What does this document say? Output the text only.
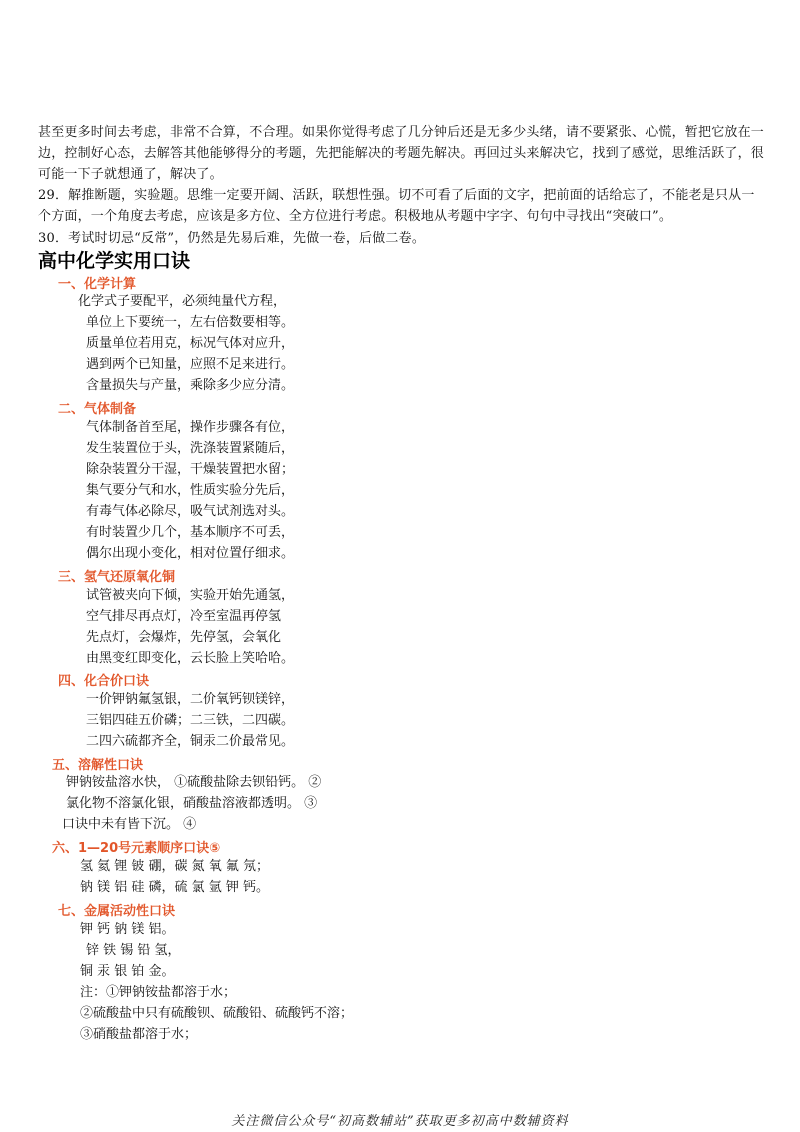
甚至更多时间去考虑，非常不合算，不合理。如果你觉得考虑了几分钟后还是无多少头绪，请不要紧张、心慌，暂把它放在一边，控制好心态，去解答其他能够得分的考题，先把能解决的考题先解决。再回过头来解决它，找到了感觉，思维活跃了，很可能一下子就想通了，解决了。
29．解推断题，实验题。思维一定要开阔、活跃，联想性强。切不可看了后面的文字，把前面的话给忘了，不能老是只从一个方面，一个角度去考虑，应该是多方位、全方位进行考虑。积极地从考题中字字、句句中寻找出“突破口”。
30．考试时切忌“反常”，仍然是先易后难，先做一卷，后做二卷。
高中化学实用口诀
一、化学计算
化学式子要配平，必须纯量代方程，
单位上下要统一，左右倍数要相等。
质量单位若用克，标况气体对应升，
遇到两个已知量，应照不足来进行。
含量损失与产量，乘除多少应分清。
二、气体制备
气体制备首至尾，操作步骤各有位，
发生装置位于头，洗涤装置紧随后，
除杂装置分干湿，干燥装置把水留；
集气要分气和水，性质实验分先后，
有毒气体必除尽，吸气试剂选对头。
有时装置少几个，基本顺序不可丢，
偶尔出现小变化，相对位置仔细求。
三、氢气还原氧化铜
试管被夹向下倾，实验开始先通氢，
空气排尽再点灯，冷至室温再停氢
先点灯，会爆炸，先停氢，会氧化
由黑变红即变化，云长脸上笑哈哈。
四、化合价口诀
一价钾钠氟氢银，二价氧钙钡镁锌，
三铝四硅五价磷；二三铁，二四碳。
二四六硫都齐全，铜汞二价最常见。
五、溶解性口诀
钾钠铵盐溶水快， ①硫酸盐除去钡铅钙。 ②
氯化物不溶氯化银，硝酸盐溶液都透明。 ③
口诀中未有皆下沉。 ④
六、1—20号元素顺序口诀⑤
氢 氦 锂 铍 硼，碳 氮 氧 氟 氖；
钠 镁 铝 硅 磷，硫 氯 氩 钾 钙。
七、金属活动性口诀
钾 钙 钠 镁 铝。
锌 铁 锡 铅 氢，
铜 汞 银 铂 金。
注：①钾钠铵盐都溶于水；
②硫酸盐中只有硫酸钡、硫酸铅、硫酸钙不溶；
③硝酸盐都溶于水；
关注微信公众号“初高数辅站”获取更多初高中数辅资料
